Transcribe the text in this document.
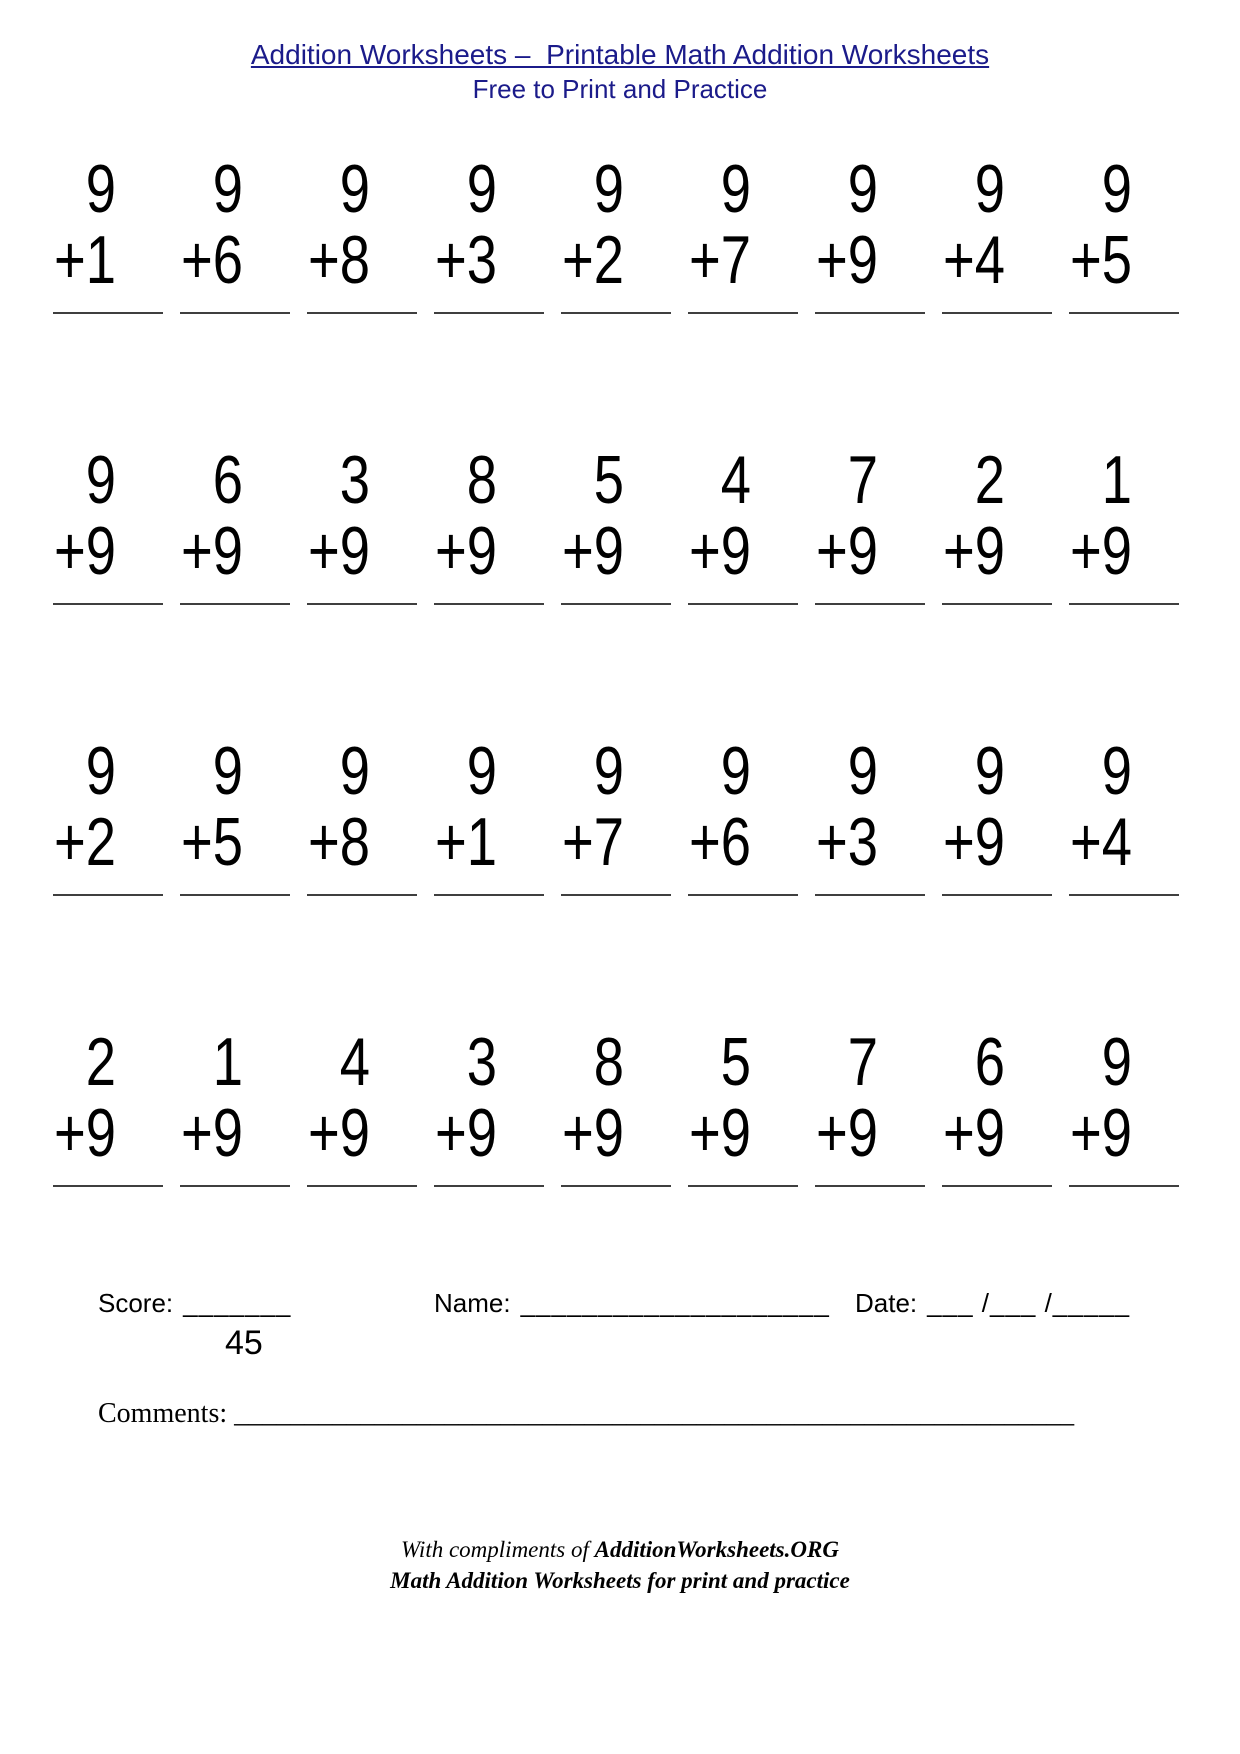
Addition Worksheets –  Printable Math Addition Worksheets
Free to Print and Practice
9
+1
9
+6
9
+8
9
+3
9
+2
9
+7
9
+9
9
+4
9
+5
9
+9
6
+9
3
+9
8
+9
5
+9
4
+9
7
+9
2
+9
1
+9
9
+2
9
+5
9
+8
9
+1
9
+7
9
+6
9
+3
9
+9
9
+4
2
+9
1
+9
4
+9
3
+9
8
+9
5
+9
7
+9
6
+9
9
+9
Score: _______
45
Name: ____________________ Date: ___ /___ /_____
Comments: ____________________________________________________________
With compliments of AdditionWorksheets.ORG
Math Addition Worksheets for print and practice
